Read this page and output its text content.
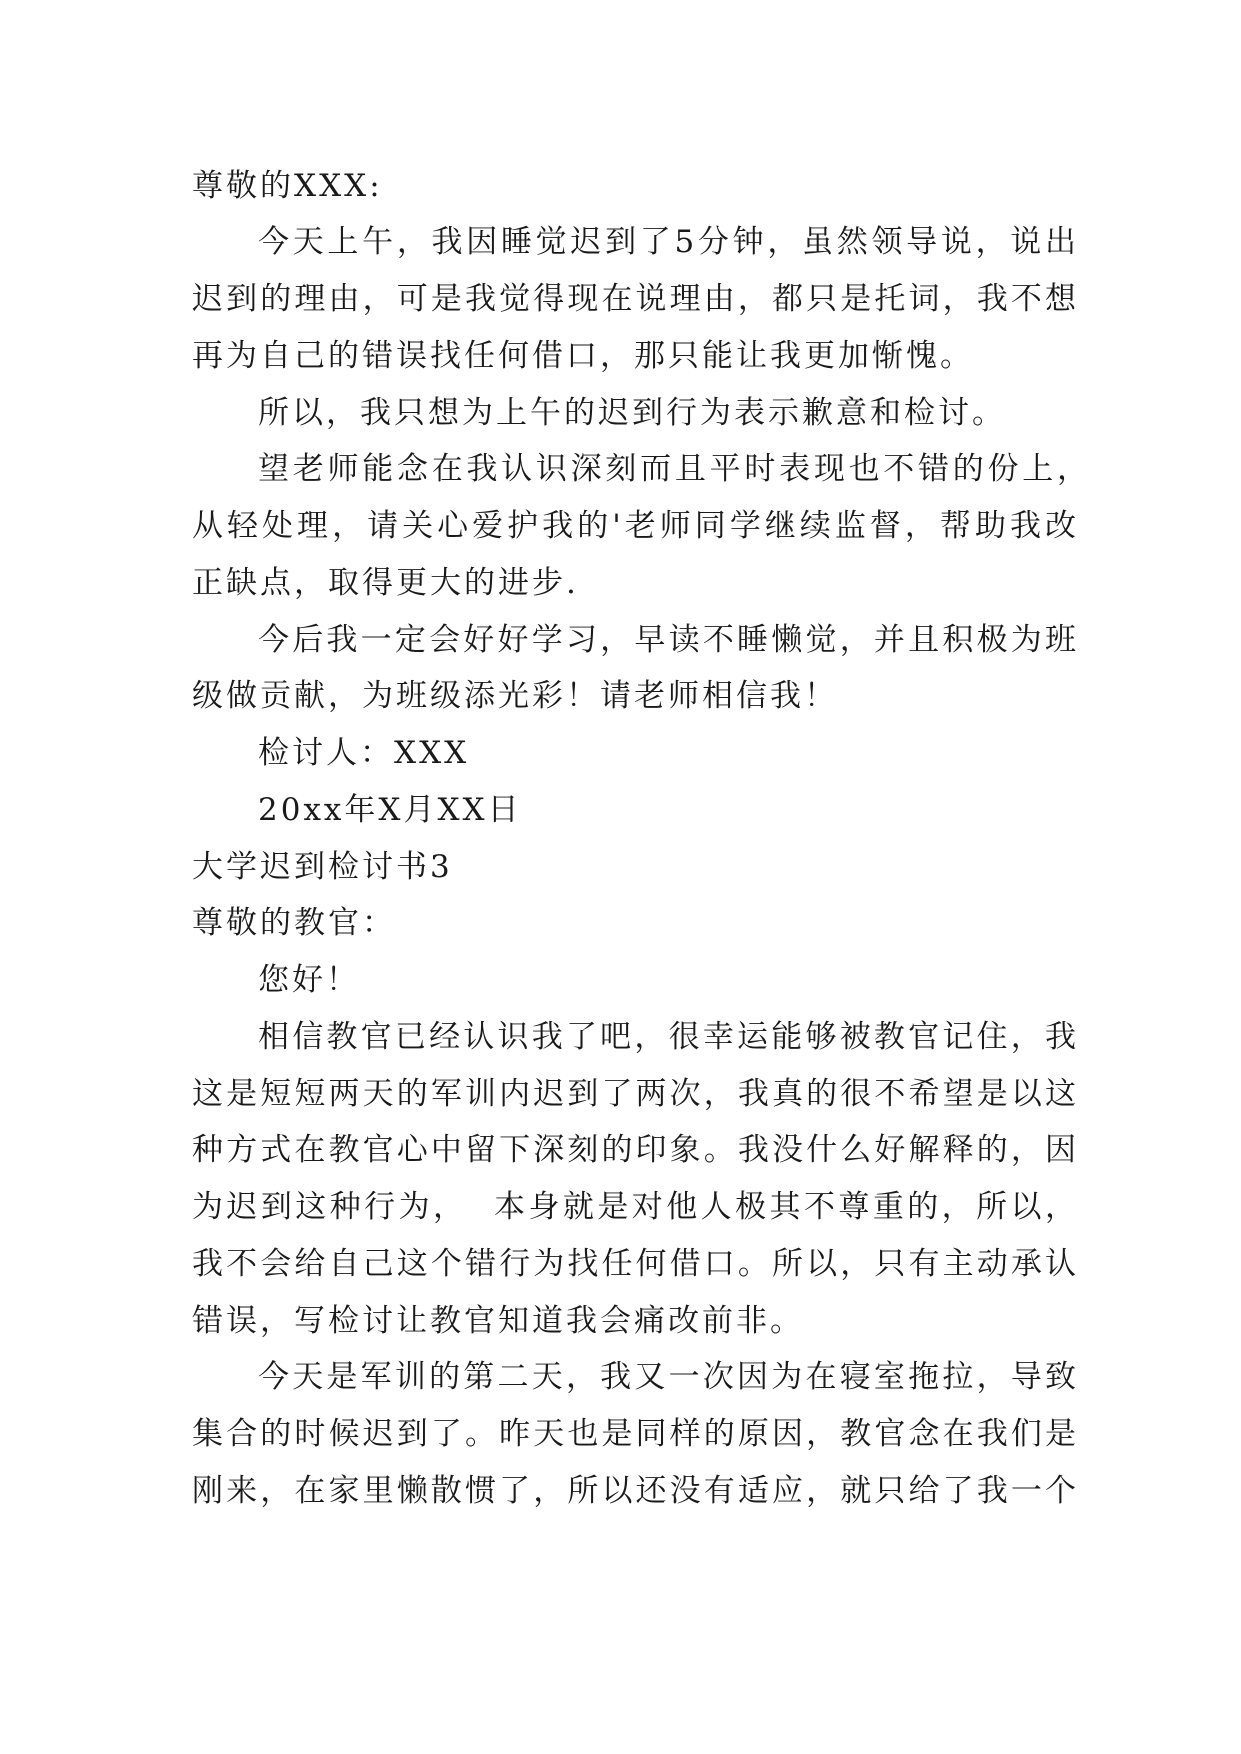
尊敬的XXX:
今天上午，我因睡觉迟到了5分钟，虽然领导说，说出
迟到的理由，可是我觉得现在说理由，都只是托词，我不想
再为自己的错误找任何借口，那只能让我更加惭愧。
所以，我只想为上午的迟到行为表示歉意和检讨。
望老师能念在我认识深刻而且平时表现也不错的份上，
从轻处理，请关心爱护我的'老师同学继续监督，帮助我改
正缺点，取得更大的进步.
今后我一定会好好学习，早读不睡懒觉，并且积极为班
级做贡献，为班级添光彩！请老师相信我！
检讨人：XXX
20xx年X月XX日
大学迟到检讨书3
尊敬的教官：
您好！
相信教官已经认识我了吧，很幸运能够被教官记住，我
这是短短两天的军训内迟到了两次，我真的很不希望是以这
种方式在教官心中留下深刻的印象。我没什么好解释的，因
为迟到这种行为，  本身就是对他人极其不尊重的，所以，
我不会给自己这个错行为找任何借口。所以，只有主动承认
错误，写检讨让教官知道我会痛改前非。
今天是军训的第二天，我又一次因为在寝室拖拉，导致
集合的时候迟到了。昨天也是同样的原因，教官念在我们是
刚来，在家里懒散惯了，所以还没有适应，就只给了我一个
